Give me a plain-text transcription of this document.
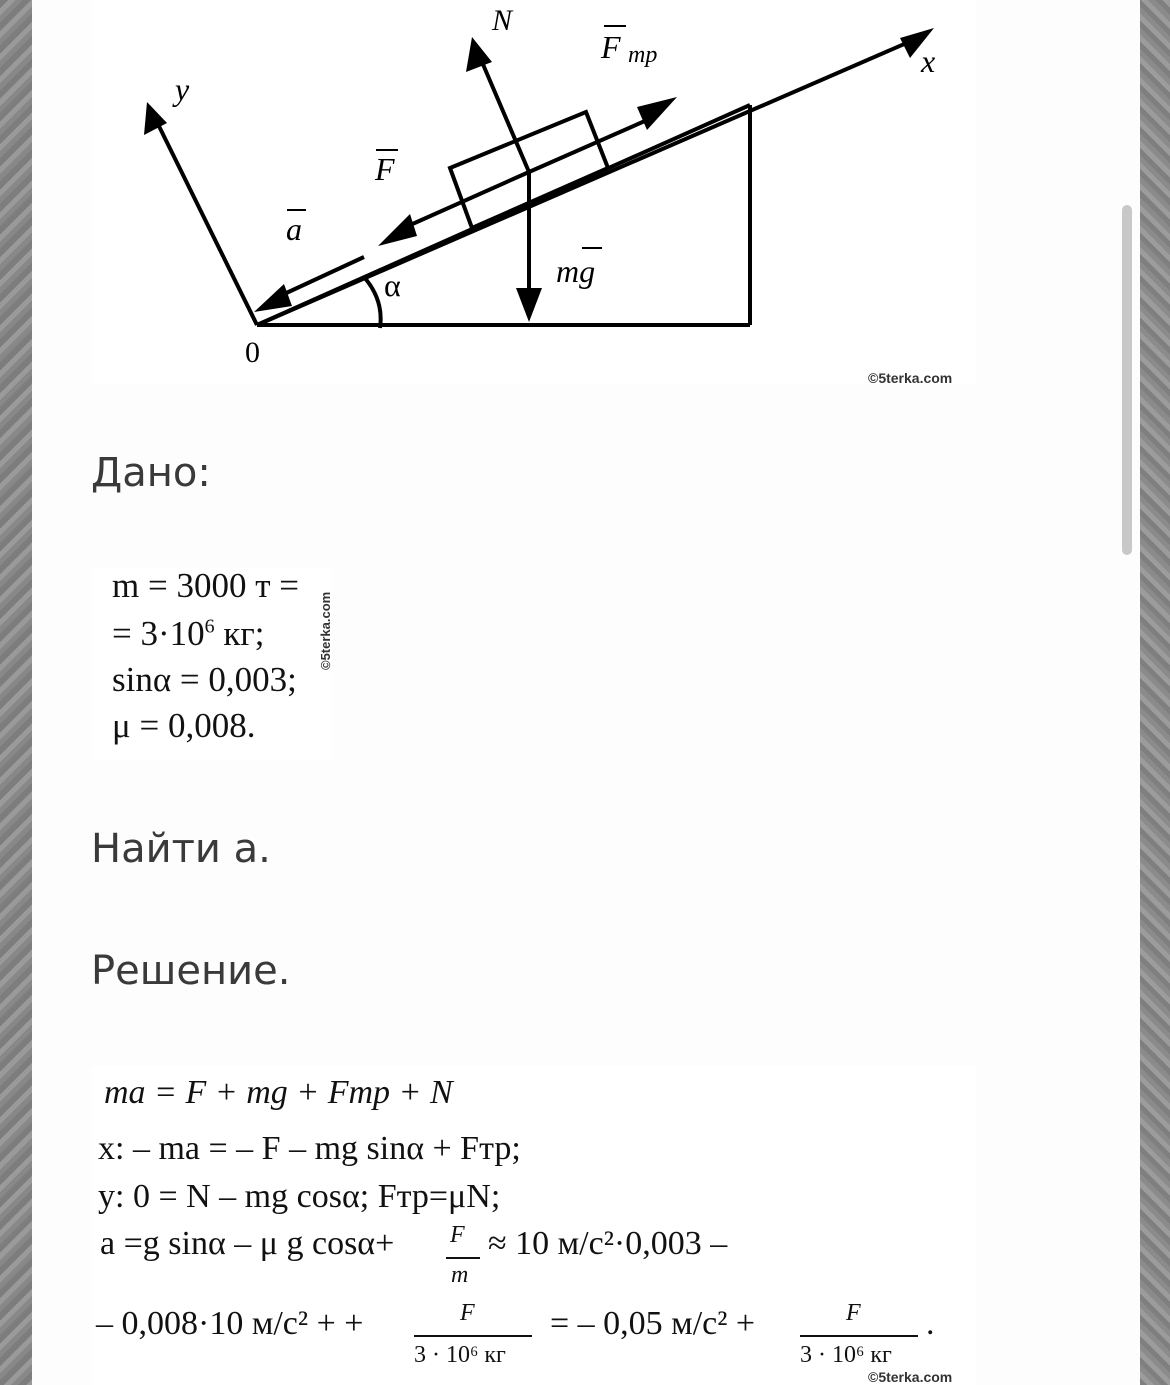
N
F тр
F
a
mg
α
x
y
0
©5terka.com
Дано:
Найти a.
Решение.
m = 3000 т =
= $3\cdot 10^6$ кг;
sinα = 0,003;
μ = 0,008.
©5terka.com
ma = F + mg + Fтр + N
x: – ma = – F – mg sinα + Fтр;
y: 0 = N – mg cosα; Fтр=μN;
a =g sinα – μ g cosα+ F
m
≈ 10 м/с²·0,003 –
– 0,008·10 м/с² + +	F
3 · 10⁶ кг
= – 0,05 м/с² +	F
3 · 10⁶ кг
.
©5terka.com
